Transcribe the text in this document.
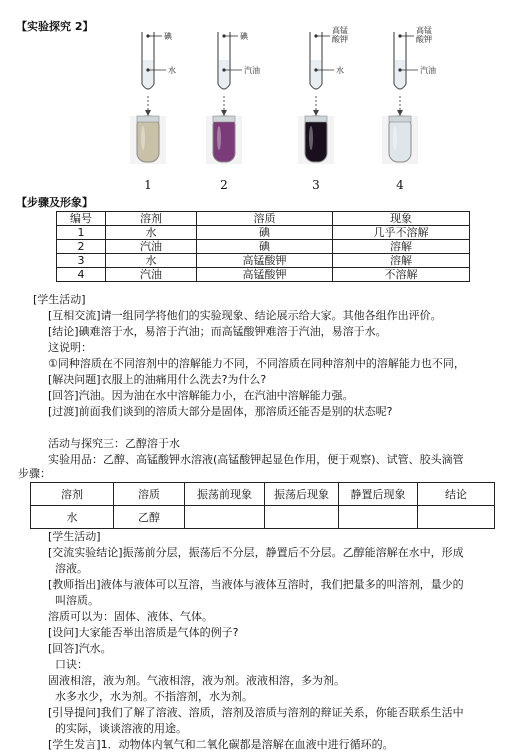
【实验探究 2】
碘
水
1
碘
汽油
2
高锰酸钾
水
3
高锰酸钾
汽油
4
【步骤及形象】
编号	溶剂	溶质	现象
1	水	碘	几乎不溶解
2	汽油	碘	溶解
3	水	高锰酸钾	溶解
4	汽油	高锰酸钾	不溶解
[学生活动]
[互相交流]请一组同学将他们的实验现象、结论展示给大家。其他各组作出评价。
[结论]碘难溶于水，易溶于汽油；而高锰酸钾难溶于汽油，易溶于水。
这说明：
①同种溶质在不同溶剂中的溶解能力不同，不同溶质在同种溶剂中的溶解能力也不同，
[解决问题]衣服上的油痛用什么洗去?为什么?
[回答]汽油。因为油在水中溶解能力小，在汽油中溶解能力强。
[过渡]前面我们谈到的溶质大部分是固体，那溶质还能否是别的状态呢?
活动与探究三：乙醇溶于水
实验用品：乙醇、高锰酸钾水溶液(高锰酸钾起显色作用，便于观察)、试管、胶头滴管
步骤：
溶剂	溶质	振荡前现象	振荡后现象	静置后现象	结论
水	乙醇				
[学生活动]
[交流实验结论]振荡前分层，振荡后不分层，静置后不分层。乙醇能溶解在水中，形成
溶液。
[教师指出]液体与液体可以互溶，当液体与液体互溶时，我们把量多的叫溶剂，量少的
叫溶质。
溶质可以为：固体、液体、气体。
[设问]大家能否举出溶质是气体的例子?
[回答]汽水。
口诀：
固液相溶，液为剂。气液相溶，液为剂。液液相溶，多为剂。
水多水少，水为剂。不指溶剂，水为剂。
[引导提问]我们了解了溶液、溶质，溶剂及溶质与溶剂的辩证关系，你能否联系生活中
的实际，谈谈溶液的用途。
[学生发言]1．动物体内氧气和二氧化碳都是溶解在血液中进行循环的。
